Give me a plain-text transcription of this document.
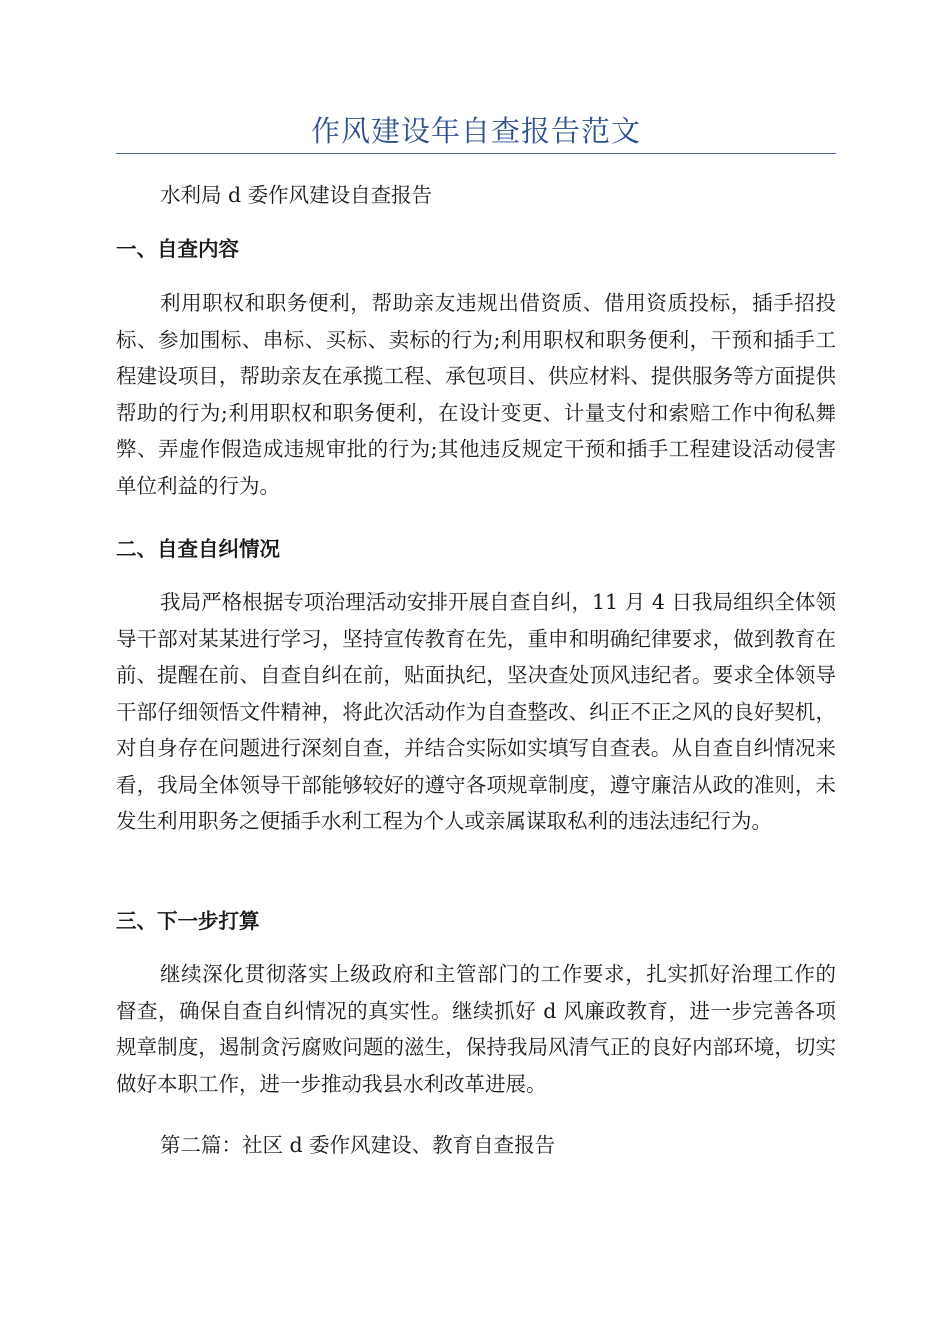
作风建设年自查报告范文
水利局 d 委作风建设自查报告
一、自查内容
利用职权和职务便利，帮助亲友违规出借资质、借用资质投标，插手招投标、参加围标、串标、买标、卖标的行为;利用职权和职务便利，干预和插手工程建设项目，帮助亲友在承揽工程、承包项目、供应材料、提供服务等方面提供帮助的行为;利用职权和职务便利，在设计变更、计量支付和索赔工作中徇私舞弊、弄虚作假造成违规审批的行为;其他违反规定干预和插手工程建设活动侵害单位利益的行为。
二、自查自纠情况
我局严格根据专项治理活动安排开展自查自纠，11 月 4 日我局组织全体领导干部对某某进行学习，坚持宣传教育在先，重申和明确纪律要求，做到教育在前、提醒在前、自查自纠在前，贴面执纪，坚决查处顶风违纪者。要求全体领导干部仔细领悟文件精神，将此次活动作为自查整改、纠正不正之风的良好契机，对自身存在问题进行深刻自查，并结合实际如实填写自查表。从自查自纠情况来看，我局全体领导干部能够较好的遵守各项规章制度，遵守廉洁从政的准则，未发生利用职务之便插手水利工程为个人或亲属谋取私利的违法违纪行为。
三、下一步打算
继续深化贯彻落实上级政府和主管部门的工作要求，扎实抓好治理工作的督查，确保自查自纠情况的真实性。继续抓好 d 风廉政教育，进一步完善各项规章制度，遏制贪污腐败问题的滋生，保持我局风清气正的良好内部环境，切实做好本职工作，进一步推动我县水利改革进展。
第二篇：社区 d 委作风建设、教育自查报告
